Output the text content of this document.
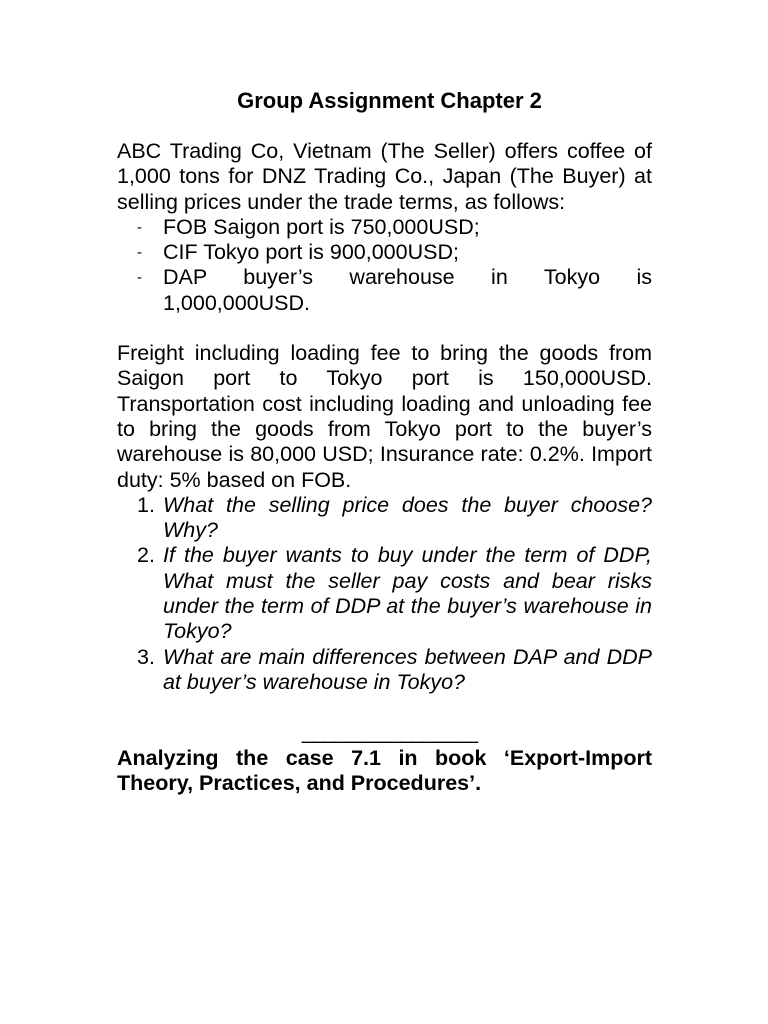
Group Assignment Chapter 2

ABC Trading Co, Vietnam (The Seller) offers coffee of 1,000 tons for DNZ Trading Co., Japan (The Buyer) at selling prices under the trade terms, as follows:

- FOB Saigon port is 750,000USD;
- CIF Tokyo port is 900,000USD;
- DAP buyer’s warehouse in Tokyo is 1,000,000USD.

Freight including loading fee to bring the goods from Saigon port to Tokyo port is 150,000USD. Transportation cost including loading and unloading fee to bring the goods from Tokyo port to the buyer’s warehouse is 80,000 USD; Insurance rate: 0.2%. Import duty: 5% based on FOB.

1. What the selling price does the buyer choose? Why?
2. If the buyer wants to buy under the term of DDP, What must the seller pay costs and bear risks under the term of DDP at the buyer’s warehouse in Tokyo?
3. What are main differences between DAP and DDP at buyer’s warehouse in Tokyo?
________________

Analyzing the case 7.1 in book ‘Export-Import Theory, Practices, and Procedures’.
